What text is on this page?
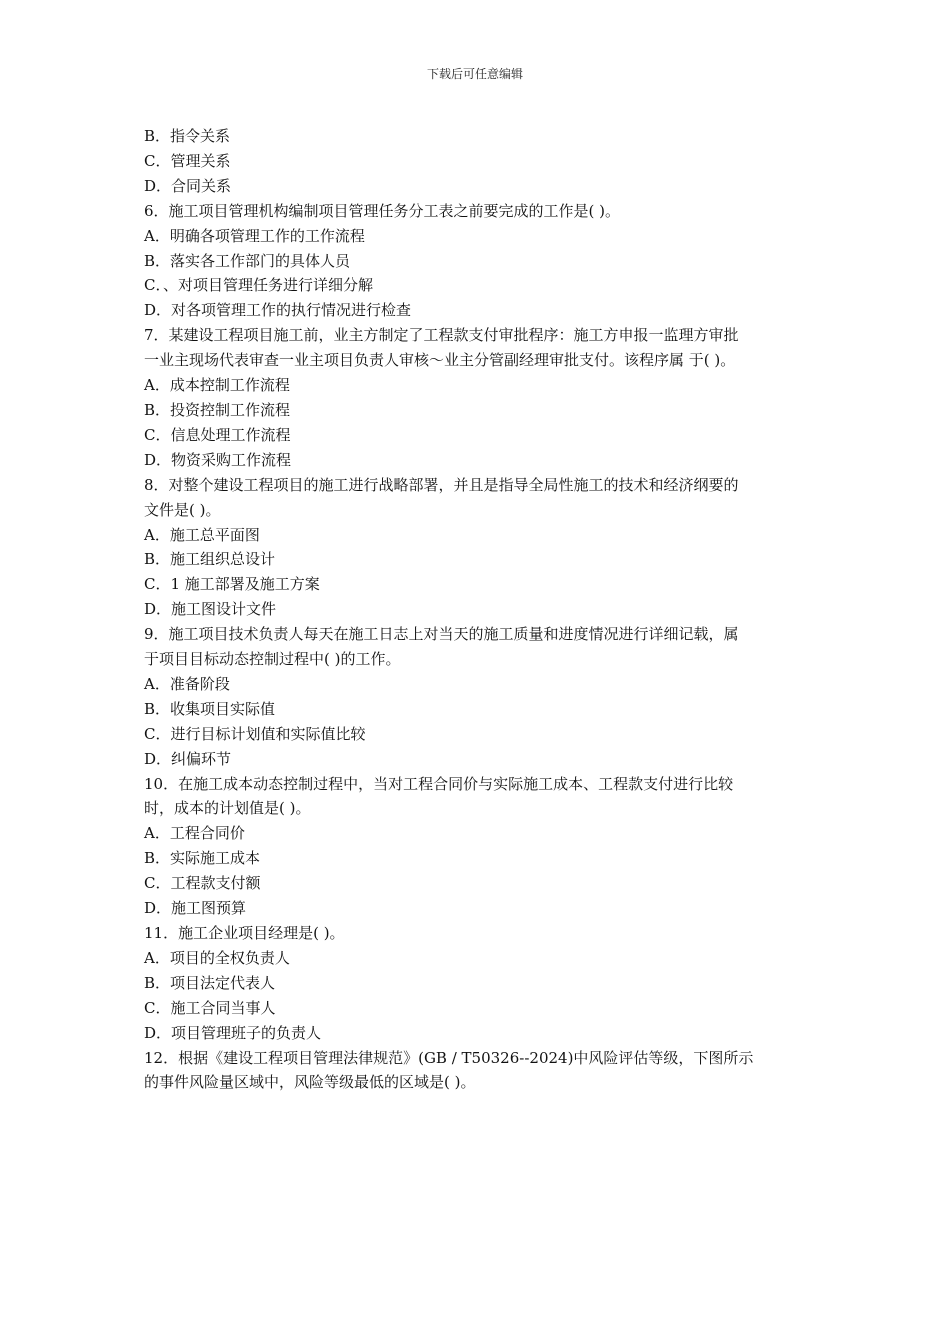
下载后可任意编辑
B．指令关系
C．管理关系
D．合同关系
6．施工项目管理机构编制项目管理任务分工表之前要完成的工作是( )。
A．明确各项管理工作的工作流程
B．落实各工作部门的具体人员
C．、对项目管理任务进行详细分解
D．对各项管理工作的执行情况进行检查
7．某建设工程项目施工前，业主方制定了工程款支付审批程序：施工方申报一监理方审批
一业主现场代表审查一业主项目负责人审核～业主分管副经理审批支付。该程序属 于( )。
A．成本控制工作流程
B．投资控制工作流程
C．信息处理工作流程
D．物资采购工作流程
8．对整个建设工程项目的施工进行战略部署，并且是指导全局性施工的技术和经济纲要的
文件是( )。
A．施工总平面图
B．施工组织总设计
C．1 施工部署及施工方案
D．施工图设计文件
9．施工项目技术负责人每天在施工日志上对当天的施工质量和进度情况进行详细记载，属
于项目目标动态控制过程中( )的工作。
A．准备阶段
B．收集项目实际值
C．进行目标计划值和实际值比较
D．纠偏环节
10．在施工成本动态控制过程中，当对工程合同价与实际施工成本、工程款支付进行比较
时，成本的计划值是( )。
A．工程合同价
B．实际施工成本
C．工程款支付额
D．施工图预算
11．施工企业项目经理是( )。
A．项目的全权负责人
B．项目法定代表人
C．施工合同当事人
D．项目管理班子的负责人
12．根据《建设工程项目管理法律规范》(GB / T50326--2024)中风险评估等级，下图所示
的事件风险量区域中，风险等级最低的区域是( )。
